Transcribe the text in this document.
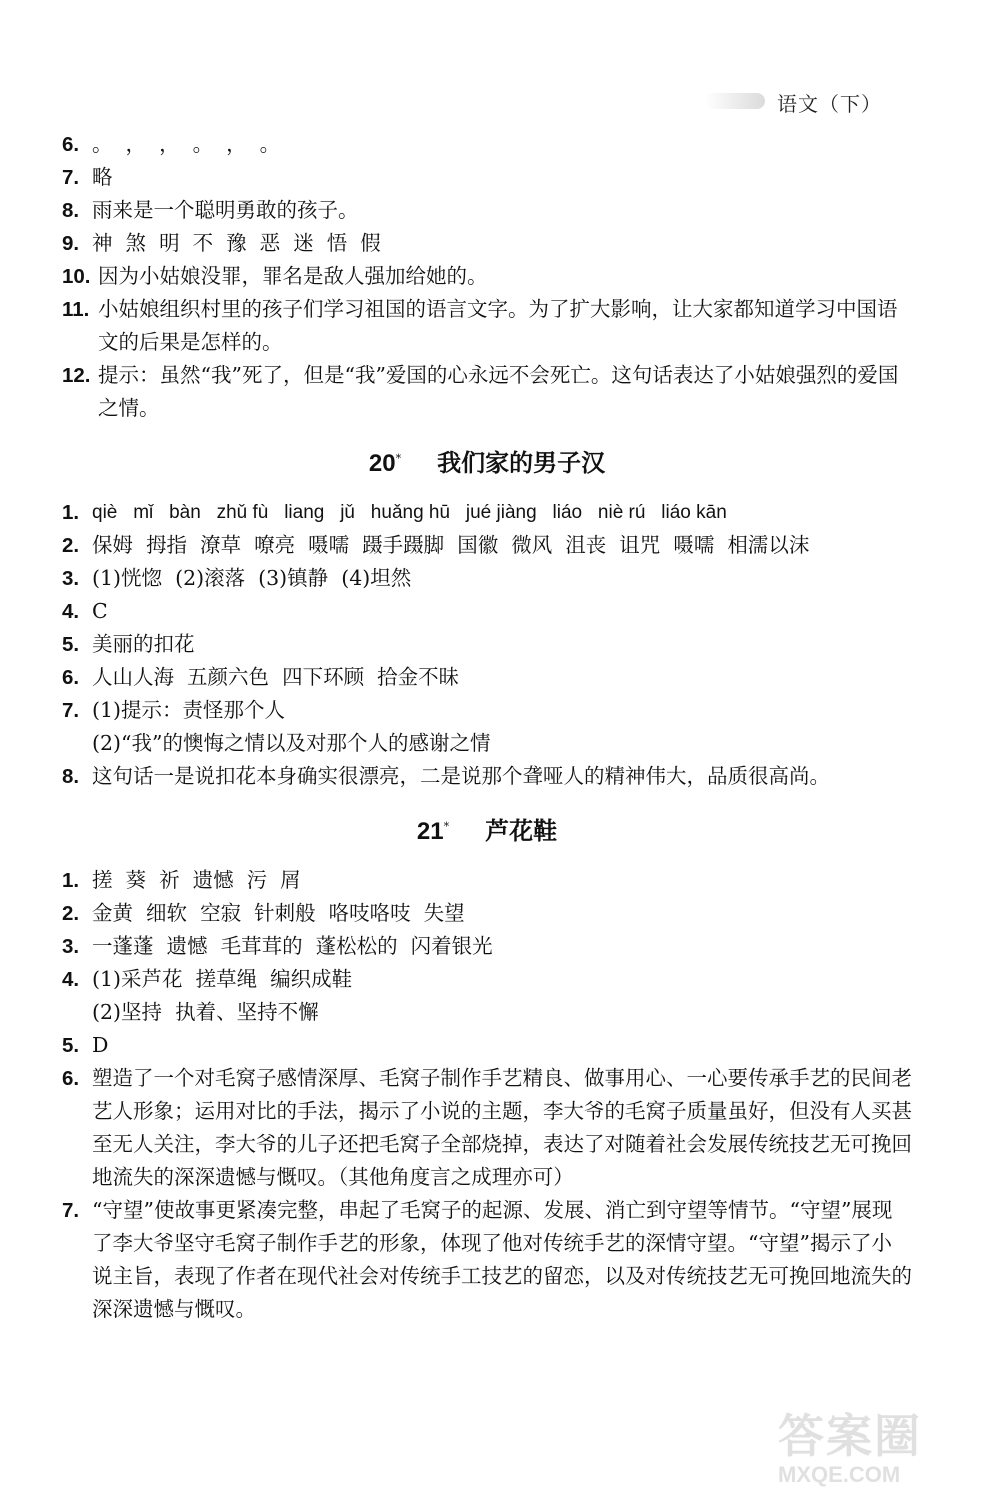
语文（下）
6. 。  ，  ，  。  ，  。
7. 略
8. 雨来是一个聪明勇敢的孩子。
9. 神  煞  明  不  豫  恶  迷  悟  假
10. 因为小姑娘没罪，罪名是敌人强加给她的。
11. 小姑娘组织村里的孩子们学习祖国的语言文字。为了扩大影响，让大家都知道学习中国语文的后果是怎样的。
12. 提示：虽然“我”死了，但是“我”爱国的心永远不会死亡。这句话表达了小姑娘强烈的爱国之情。
20* 我们家的男子汉
1. qiè   mǐ   bàn   zhǔ fù   liang   jǔ   huǎng hū   jué jiàng   liáo   niè rú   liáo kān
2. 保姆  拇指  潦草  嘹亮  嗫嚅  蹑手蹑脚  国徽  微风  沮丧  诅咒  嗫嚅  相濡以沫
3. (1)恍惚  (2)滚落  (3)镇静  (4)坦然
4. C
5. 美丽的扣花
6. 人山人海  五颜六色  四下环顾  拾金不昧
7. (1)提示：责怪那个人
(2)“我”的懊悔之情以及对那个人的感谢之情
8. 这句话一是说扣花本身确实很漂亮，二是说那个聋哑人的精神伟大，品质很高尚。
21* 芦花鞋
1. 搓  葵  祈  遗憾  污  屑
2. 金黄  细软  空寂  针刺般  咯吱咯吱  失望
3. 一蓬蓬  遗憾  毛茸茸的  蓬松松的  闪着银光
4. (1)采芦花  搓草绳  编织成鞋
(2)坚持  执着、坚持不懈
5. D
6. 塑造了一个对毛窝子感情深厚、毛窝子制作手艺精良、做事用心、一心要传承手艺的民间老艺人形象；运用对比的手法，揭示了小说的主题，李大爷的毛窝子质量虽好，但没有人买甚至无人关注，李大爷的儿子还把毛窝子全部烧掉，表达了对随着社会发展传统技艺无可挽回地流失的深深遗憾与慨叹。（其他角度言之成理亦可）
7. “守望”使故事更紧凑完整，串起了毛窝子的起源、发展、消亡到守望等情节。“守望”展现了李大爷坚守毛窝子制作手艺的形象，体现了他对传统手艺的深情守望。“守望”揭示了小说主旨，表现了作者在现代社会对传统手工技艺的留恋，以及对传统技艺无可挽回地流失的深深遗憾与慨叹。
答案圈
MXQE.COM
